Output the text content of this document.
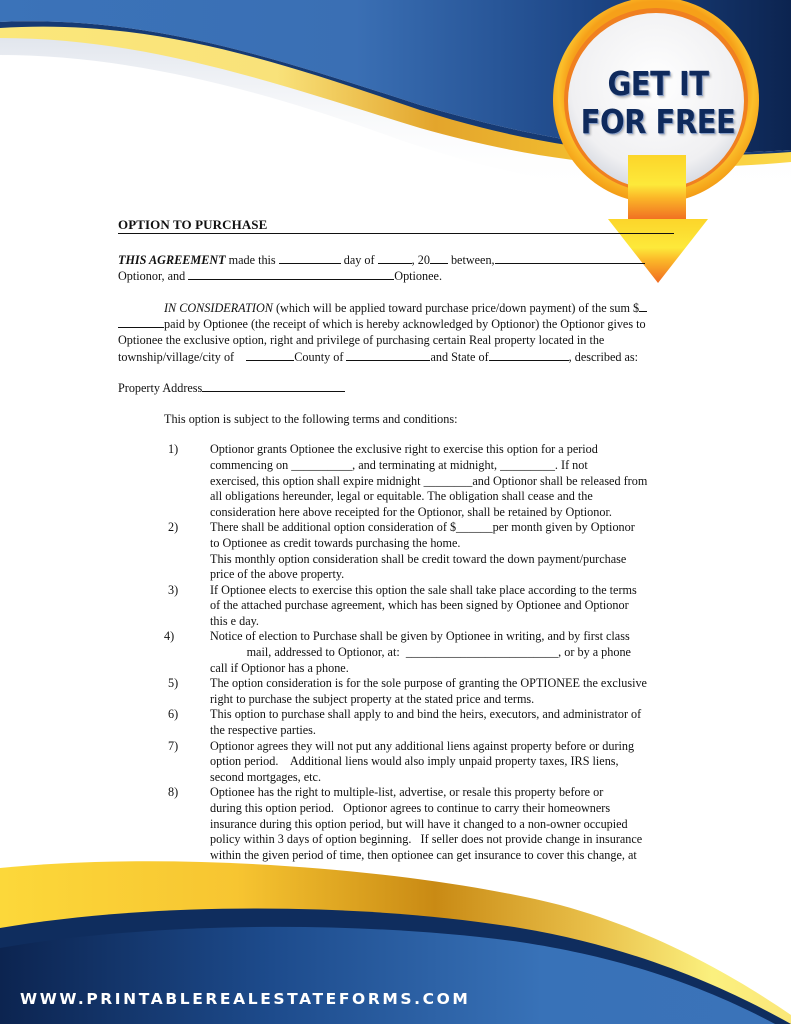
GET IT
FOR FREE
WWW.PRINTABLEREALESTATEFORMS.COM
OPTION TO PURCHASE

THIS AGREEMENT made this	day of	, 20 between,

Optionor, and	Optionee.

IN CONSIDERATION (which will be applied toward purchase price/down payment) of the sum $

paid by Optionee (the receipt of which is hereby acknowledged by Optionor) the Optionor gives to

Optionee the exclusive option, right and privilege of purchasing certain Real property located in the

township/village/city of	County of	and State of	, described as:

Property Address

This option is subject to the following terms and conditions:

1)	Optionor grants Optionee the exclusive right to exercise this option for a period
commencing on __________, and terminating at midnight, _________. If not
exercised, this option shall expire midnight ________and Optionor shall be released from
all obligations hereunder, legal or equitable. The obligation shall cease and the
consideration here above receipted for the Optionor, shall be retained by Optionor.
2)	There shall be additional option consideration of $______per month given by Optionor
to Optionee as credit towards purchasing the home.
This monthly option consideration shall be credit toward the down payment/purchase
price of the above property.
3)	If Optionee elects to exercise this option the sale shall take place according to the terms
of the attached purchase agreement, which has been signed by Optionee and Optionor
this e day.
4)	Notice of election to Purchase shall be given by Optionee in writing, and by first class
mail, addressed to Optionor, at:  _________________________, or by a phone
call if Optionor has a phone.
5)	The option consideration is for the sole purpose of granting the OPTIONEE the exclusive
right to purchase the subject property at the stated price and terms.
6)	This option to purchase shall apply to and bind the heirs, executors, and administrator of
the respective parties.
7)	Optionor agrees they will not put any additional liens against property before or during
option period.    Additional liens would also imply unpaid property taxes, IRS liens,
second mortgages, etc.
8)	Optionee has the right to multiple-list, advertise, or resale this property before or
during this option period.   Optionor agrees to continue to carry their homeowners
insurance during this option period, but will have it changed to a non-owner occupied
policy within 3 days of option beginning.   If seller does not provide change in insurance
within the given period of time, then optionee can get insurance to cover this change, at
